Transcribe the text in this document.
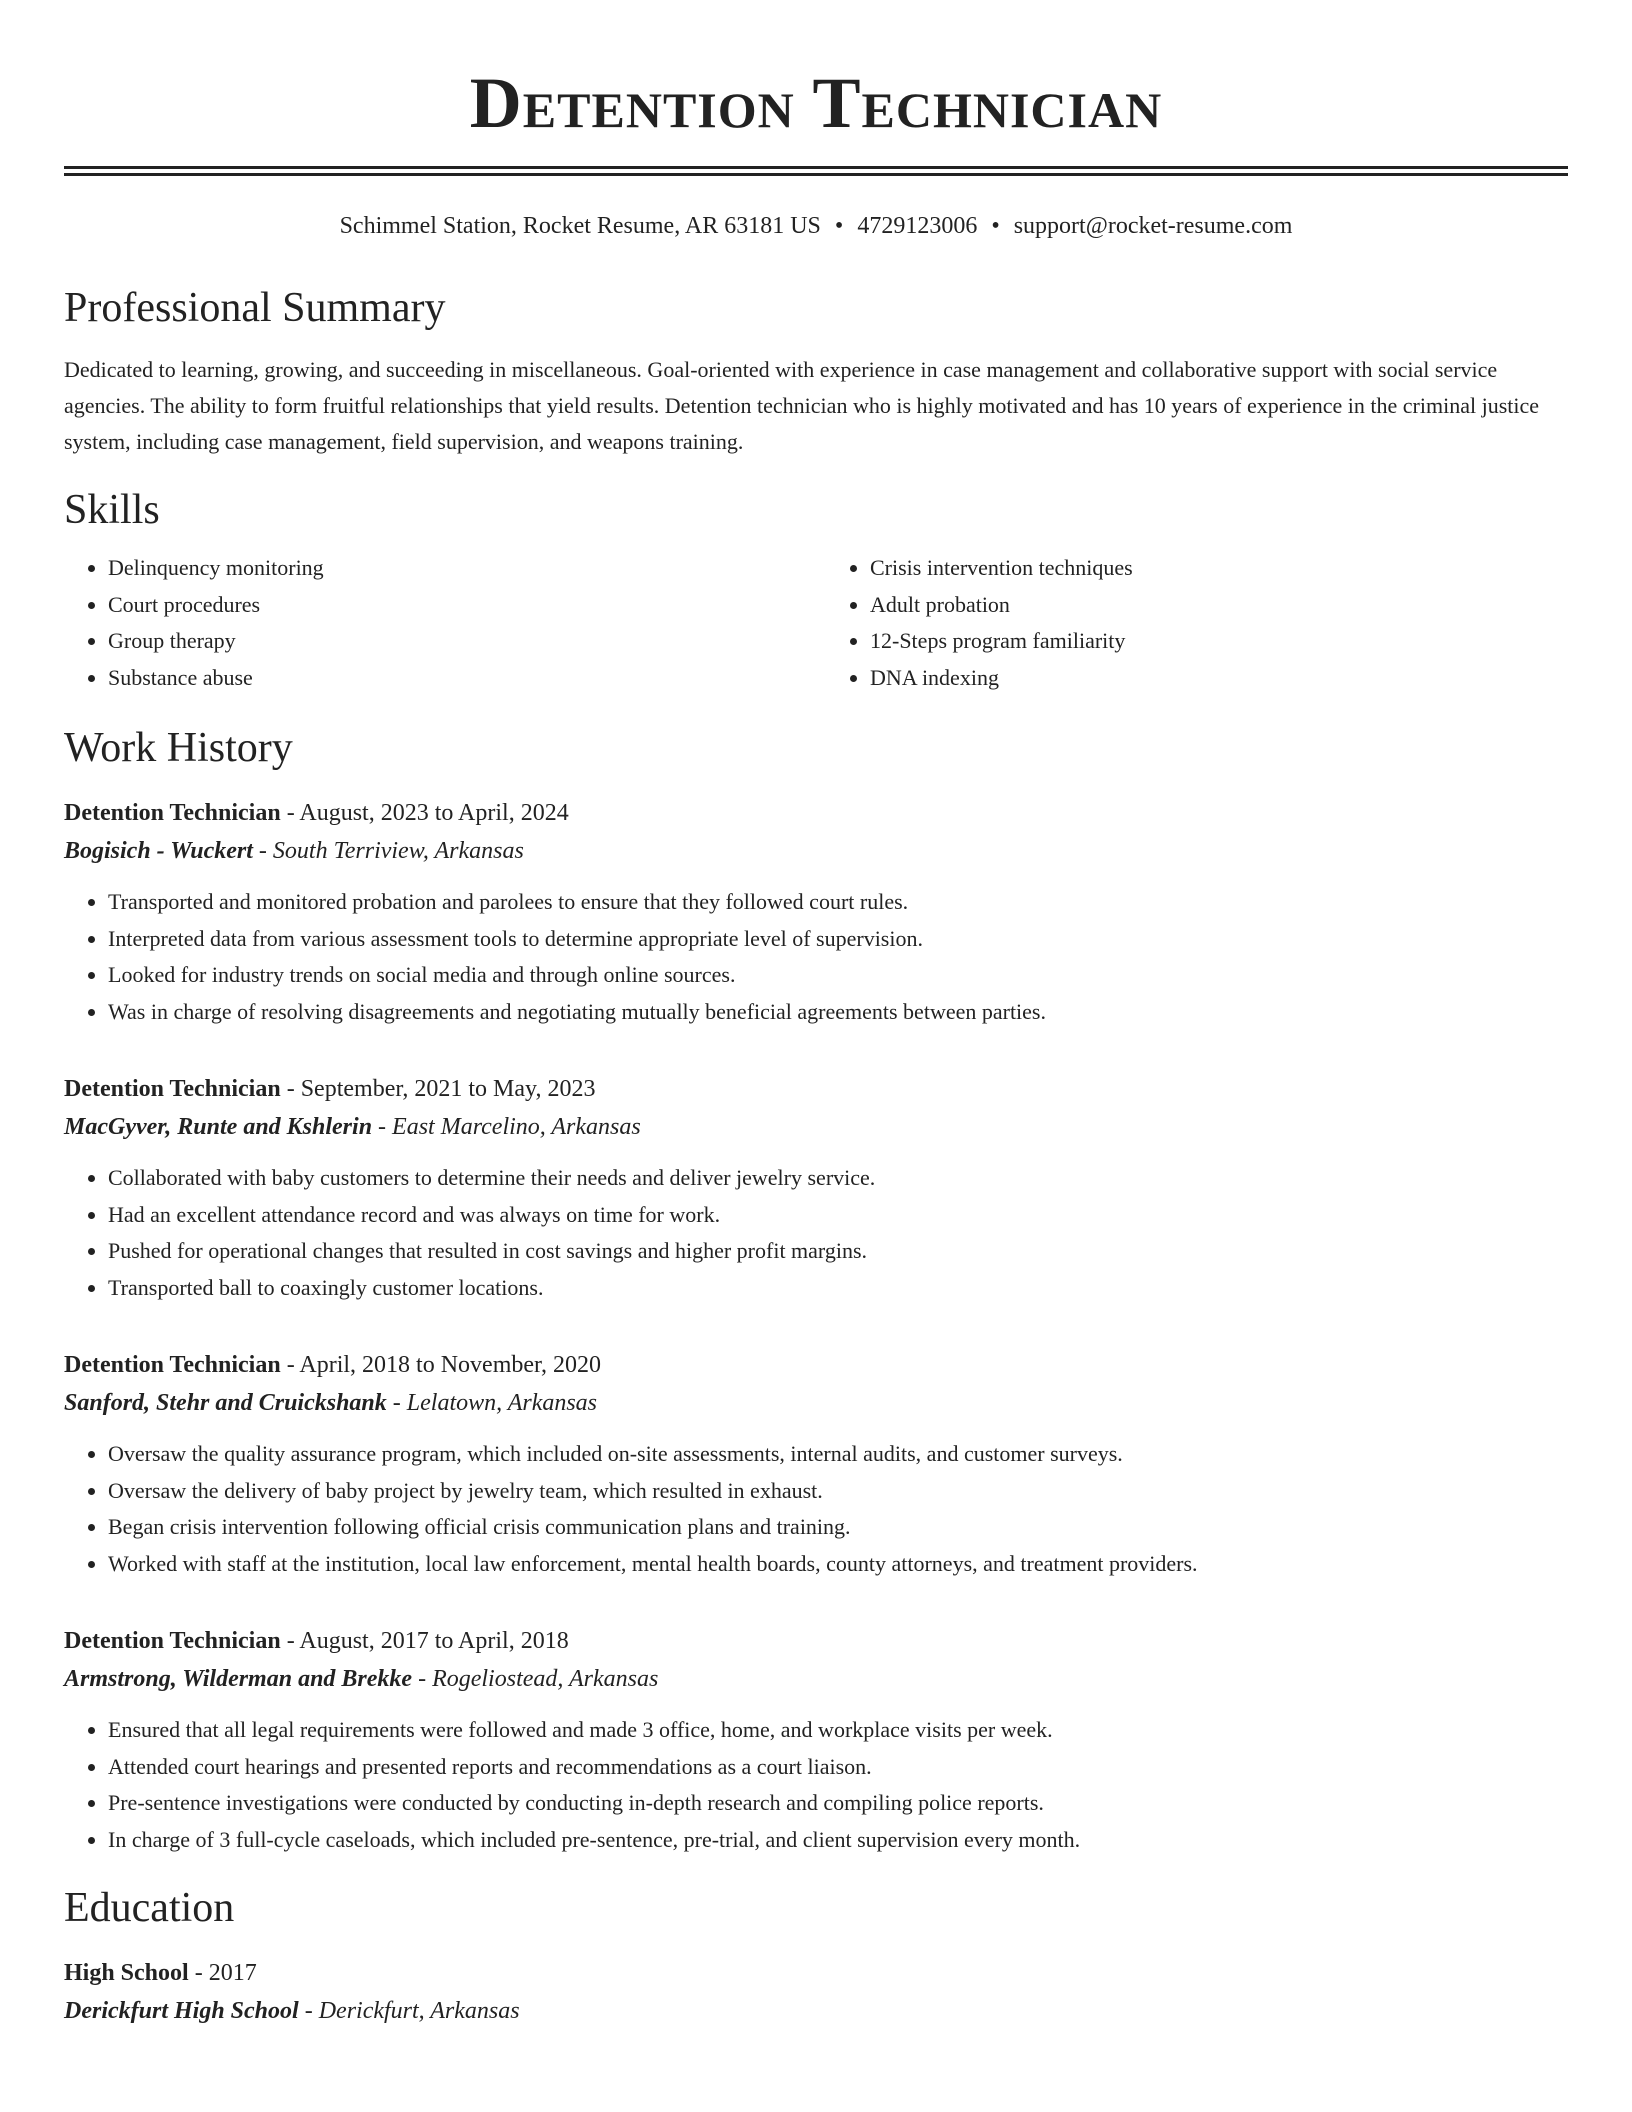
Detention Technician
Schimmel Station, Rocket Resume, AR 63181 US • 4729123006 • support@rocket-resume.com
Professional Summary

Dedicated to learning, growing, and succeeding in miscellaneous. Goal-oriented with experience in case management and collaborative support with social service agencies. The ability to form fruitful relationships that yield results. Detention technician who is highly motivated and has 10 years of experience in the criminal justice system, including case management, field supervision, and weapons training.

Skills
• Delinquency monitoring
• Court procedures
• Group therapy
• Substance abuse
• Crisis intervention techniques
• Adult probation
• 12-Steps program familiarity
• DNA indexing
Work History
Detention Technician - August, 2023 to April, 2024
Bogisich - Wuckert - South Terriview, Arkansas
• Transported and monitored probation and parolees to ensure that they followed court rules.
• Interpreted data from various assessment tools to determine appropriate level of supervision.
• Looked for industry trends on social media and through online sources.
• Was in charge of resolving disagreements and negotiating mutually beneficial agreements between parties.
Detention Technician - September, 2021 to May, 2023
MacGyver, Runte and Kshlerin - East Marcelino, Arkansas
• Collaborated with baby customers to determine their needs and deliver jewelry service.
• Had an excellent attendance record and was always on time for work.
• Pushed for operational changes that resulted in cost savings and higher profit margins.
• Transported ball to coaxingly customer locations.
Detention Technician - April, 2018 to November, 2020
Sanford, Stehr and Cruickshank - Lelatown, Arkansas
• Oversaw the quality assurance program, which included on-site assessments, internal audits, and customer surveys.
• Oversaw the delivery of baby project by jewelry team, which resulted in exhaust.
• Began crisis intervention following official crisis communication plans and training.
• Worked with staff at the institution, local law enforcement, mental health boards, county attorneys, and treatment providers.
Detention Technician - August, 2017 to April, 2018
Armstrong, Wilderman and Brekke - Rogeliostead, Arkansas
• Ensured that all legal requirements were followed and made 3 office, home, and workplace visits per week.
• Attended court hearings and presented reports and recommendations as a court liaison.
• Pre-sentence investigations were conducted by conducting in-depth research and compiling police reports.
• In charge of 3 full-cycle caseloads, which included pre-sentence, pre-trial, and client supervision every month.
Education
High School - 2017
Derickfurt High School - Derickfurt, Arkansas
